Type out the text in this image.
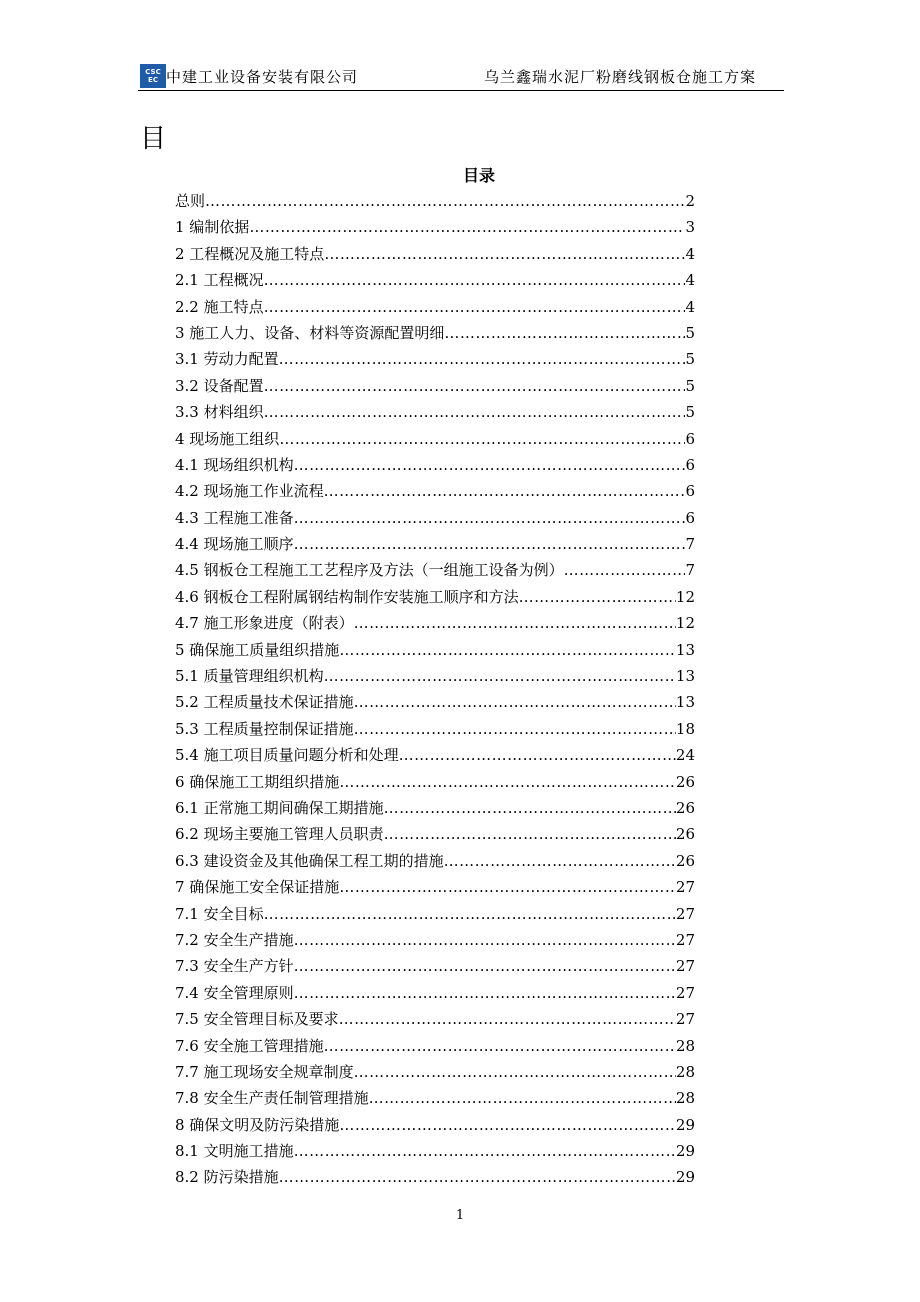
CSC
EC 中建工业设备安装有限公司	乌兰鑫瑞水泥厂粉磨线钢板仓施工方案
目
目录
总则 ………………………………………………………………………………………………………………………………………………	2
1 编制依据 ………………………………………………………………………………………………………………………………………………	3
2 工程概况及施工特点 ………………………………………………………………………………………………………………………………………………	4
2.1 工程概况 ………………………………………………………………………………………………………………………………………………	4
2.2 施工特点 ………………………………………………………………………………………………………………………………………………	4
3 施工人力、设备、材料等资源配置明细 ………………………………………………………………………………………………………………………………………………	5
3.1 劳动力配置 ………………………………………………………………………………………………………………………………………………	5
3.2 设备配置 ………………………………………………………………………………………………………………………………………………	5
3.3 材料组织 ………………………………………………………………………………………………………………………………………………	5
4 现场施工组织 ………………………………………………………………………………………………………………………………………………	6
4.1 现场组织机构 ………………………………………………………………………………………………………………………………………………	6
4.2 现场施工作业流程 ………………………………………………………………………………………………………………………………………………	6
4.3 工程施工准备 ………………………………………………………………………………………………………………………………………………	6
4.4 现场施工顺序 ………………………………………………………………………………………………………………………………………………	7
4.5 钢板仓工程施工工艺程序及方法（一组施工设备为例） ………………………………………………………………………………………………………………………………………………	7
4.6 钢板仓工程附属钢结构制作安装施工顺序和方法 ………………………………………………………………………………………………………………………………………………	12
4.7 施工形象进度（附表） ………………………………………………………………………………………………………………………………………………	12
5 确保施工质量组织措施 ………………………………………………………………………………………………………………………………………………	13
5.1 质量管理组织机构 ………………………………………………………………………………………………………………………………………………	13
5.2 工程质量技术保证措施 ………………………………………………………………………………………………………………………………………………	13
5.3 工程质量控制保证措施 ………………………………………………………………………………………………………………………………………………	18
5.4 施工项目质量问题分析和处理 ………………………………………………………………………………………………………………………………………………	24
6 确保施工工期组织措施 ………………………………………………………………………………………………………………………………………………	26
6.1 正常施工期间确保工期措施 ………………………………………………………………………………………………………………………………………………	26
6.2 现场主要施工管理人员职责 ………………………………………………………………………………………………………………………………………………	26
6.3 建设资金及其他确保工程工期的措施 ………………………………………………………………………………………………………………………………………………	26
7 确保施工安全保证措施 ………………………………………………………………………………………………………………………………………………	27
7.1 安全目标 ………………………………………………………………………………………………………………………………………………	27
7.2 安全生产措施 ………………………………………………………………………………………………………………………………………………	27
7.3 安全生产方针 ………………………………………………………………………………………………………………………………………………	27
7.4 安全管理原则 ………………………………………………………………………………………………………………………………………………	27
7.5 安全管理目标及要求 ………………………………………………………………………………………………………………………………………………	27
7.6 安全施工管理措施 ………………………………………………………………………………………………………………………………………………	28
7.7 施工现场安全规章制度 ………………………………………………………………………………………………………………………………………………	28
7.8 安全生产责任制管理措施 ………………………………………………………………………………………………………………………………………………	28
8 确保文明及防污染措施 ………………………………………………………………………………………………………………………………………………	29
8.1 文明施工措施 ………………………………………………………………………………………………………………………………………………	29
8.2 防污染措施 ………………………………………………………………………………………………………………………………………………	29
1
